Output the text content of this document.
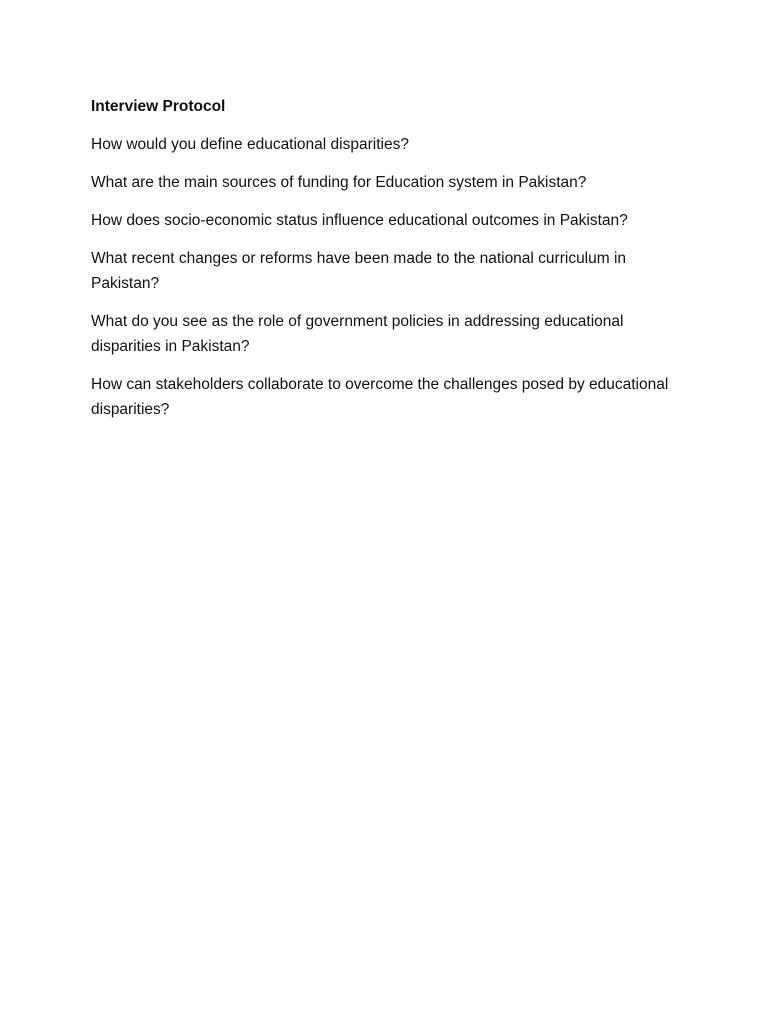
Interview Protocol

How would you define educational disparities?

What are the main sources of funding for Education system in Pakistan?

How does socio-economic status influence educational outcomes in Pakistan?

What recent changes or reforms have been made to the national curriculum in Pakistan?

What do you see as the role of government policies in addressing educational disparities in Pakistan?

How can stakeholders collaborate to overcome the challenges posed by educational disparities?
